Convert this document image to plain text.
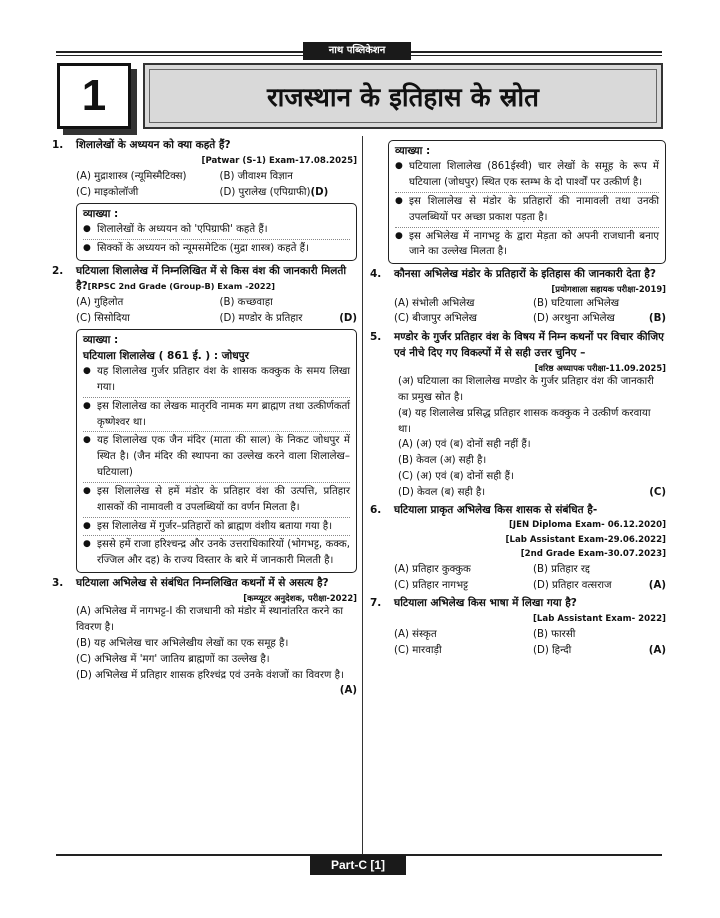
नाथ पब्लिकेशन
1	राजस्थान के इतिहास के स्रोत
1.	शिलालेखों के अध्ययन को क्या कहते हैं?
[Patwar (S-1) Exam-17.08.2025]
(A) मुद्राशास्त्र (न्यूमिस्मैटिक्स)	(B) जीवाश्म विज्ञान
(C) माइकोलॉजी	(D) पुरालेख (एपिग्राफी)(D)
व्याख्या :
● शिलालेखों के अध्ययन को 'एपिग्राफी' कहते हैं।
● सिक्कों के अध्ययन को न्यूमसमेटिक (मुद्रा शास्त्र) कहते हैं।
2.	घटियाला शिलालेख में निम्नलिखित में से किस वंश की जानकारी मिलती है?[RPSC 2nd Grade (Group-B) Exam -2022]
(A) गुहिलोत	(B) कच्छवाहा
(C) सिसोदिया	(D) मण्डोर के प्रतिहार	(D)
व्याख्या :
घटियाला शिलालेख ( 861 ई. ) : जोधपुर
● यह शिलालेख गुर्जर प्रतिहार वंश के शासक कक्कुक के समय लिखा गया।
● इस शिलालेख का लेखक मातृरवि नामक मग ब्राह्मण तथा उत्कीर्णकर्ता कृष्णेश्वर था।
● यह शिलालेख एक जैन मंदिर (माता की साल) के निकट जोधपुर में स्थित है। (जैन मंदिर की स्थापना का उल्लेख करने वाला शिलालेख–घटियाला)
● इस शिलालेख से हमें मंडोर के प्रतिहार वंश की उत्पत्ति, प्रतिहार शासकों की नामावली व उपलब्धियों का वर्णन मिलता है।
● इस शिलालेख में गुर्जर–प्रतिहारों को ब्राह्मण वंशीय बताया गया है।
● इससे हमें राजा हरिश्चन्द्र और उनके उत्तराधिकारियों (भोगभट्ट, कक्क, रज्जिल और दह) के राज्य विस्तार के बारे में जानकारी मिलती है।
3.	घटियाला अभिलेख से संबंधित निम्नलिखित कथनों में से असत्य है?
[कम्प्यूटर अनुदेशक, परीक्षा-2022]
(A) अभिलेख में नागभट्ट-I की राजधानी को मंडोर में स्थानांतरित करने का विवरण है।
(B) यह अभिलेख चार अभिलेखीय लेखों का एक समूह है।
(C) अभिलेख में 'मग' जातिय ब्राह्मणों का उल्लेख है।
(D) अभिलेख में प्रतिहार शासक हरिश्चंद्र एवं उनके वंशजों का विवरण है।
(A)
व्याख्या :
● घटियाला शिलालेख (861ईस्वी) चार लेखों के समूह के रूप में घटियाला (जोधपुर) स्थित एक स्तम्भ के दो पार्श्वों पर उत्कीर्ण है।
● इस शिलालेख से मंडोर के प्रतिहारों की नामावली तथा उनकी उपलब्धियों पर अच्छा प्रकाश पड़ता है।
● इस अभिलेख में नागभट्ट के द्वारा मेड़ता को अपनी राजधानी बनाए जाने का उल्लेख मिलता है।
4.	कौनसा अभिलेख मंडोर के प्रतिहारों के इतिहास की जानकारी देता है?
[प्रयोगशाला सहायक परीक्षा-2019]
(A) संभोली अभिलेख	(B) घटियाला अभिलेख
(C) बीजापुर अभिलेख	(D) अरथुना अभिलेख	(B)
5.	मण्डोर के गुर्जर प्रतिहार वंश के विषय में निम्न कथनों पर विचार कीजिए एवं नीचे दिए गए विकल्पों में से सही उत्तर चुनिए –
[वरिष्ठ अध्यापक परीक्षा-11.09.2025]
(अ) घटियाला का शिलालेख मण्डोर के गुर्जर प्रतिहार वंश की जानकारी का प्रमुख स्रोत है।
(ब) यह शिलालेख प्रसिद्ध प्रतिहार शासक कक्कुक ने उत्कीर्ण करवाया था।
(A) (अ) एवं (ब) दोनों सही नहीं हैं।
(B) केवल (अ) सही है।
(C) (अ) एवं (ब) दोनों सही हैं।
(D) केवल (ब) सही है।	(C)
6.	घटियाला प्राकृत अभिलेख किस शासक से संबंधित है-
[JEN Diploma Exam- 06.12.2020]
[Lab Assistant Exam-29.06.2022]
[2nd Grade Exam-30.07.2023]
(A) प्रतिहार कुक्कुक	(B) प्रतिहार रद्द
(C) प्रतिहार नागभट्ट	(D) प्रतिहार वत्सराज	(A)
7.	घटियाला अभिलेख किस भाषा में लिखा गया है?
[Lab Assistant Exam- 2022]
(A) संस्कृत	(B) फारसी
(C) मारवाड़ी	(D) हिन्दी	(A)
Part-C [1]
